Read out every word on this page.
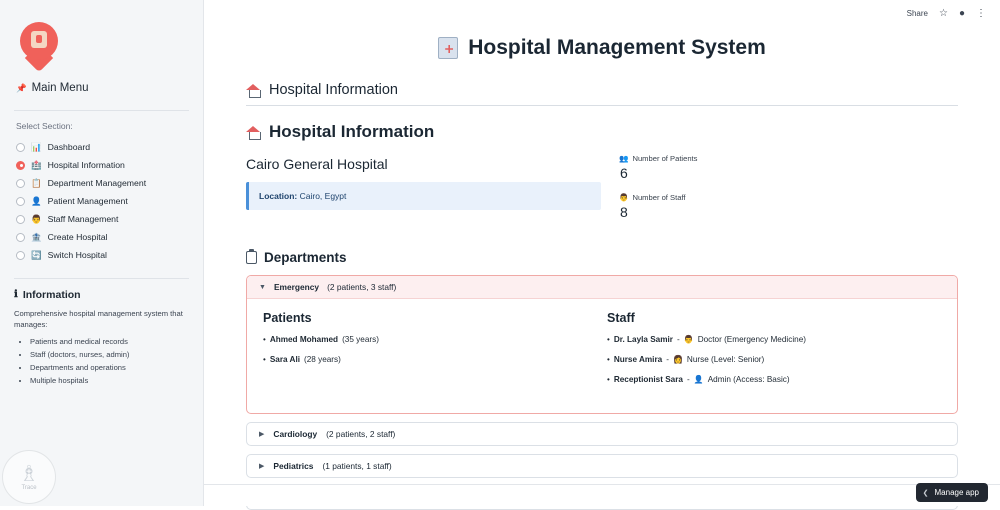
📌 Main Menu
Select Section:
📊 Dashboard
🏥 Hospital Information
📋 Department Management
👤 Patient Management
👨 Staff Management
🏦 Create Hospital
🔄 Switch Hospital
ℹ Information
Comprehensive hospital management system that manages:
• Patients and medical records
• Staff (doctors, nurses, admin)
• Departments and operations
• Multiple hospitals
♗
Trace
Share ☆ ● ⋮
Hospital Management System
Hospital Information
Hospital Information
Cairo General Hospital
Location: Cairo, Egypt
👥 Number of Patients
6
👨 Number of Staff
8
Departments
▼ Emergency (2 patients, 3 staff)
Patients
• Ahmed Mohamed (35 years)
• Sara Ali (28 years)
Staff
• Dr. Layla Samir - 👨 Doctor (Emergency Medicine)
• Nurse Amira - 👩 Nurse (Level: Senior)
• Receptionist Sara - 👤 Admin (Access: Basic)
▶ Cardiology (2 patients, 2 staff)
▶ Pediatrics (1 patients, 1 staff)
❮ Manage app
